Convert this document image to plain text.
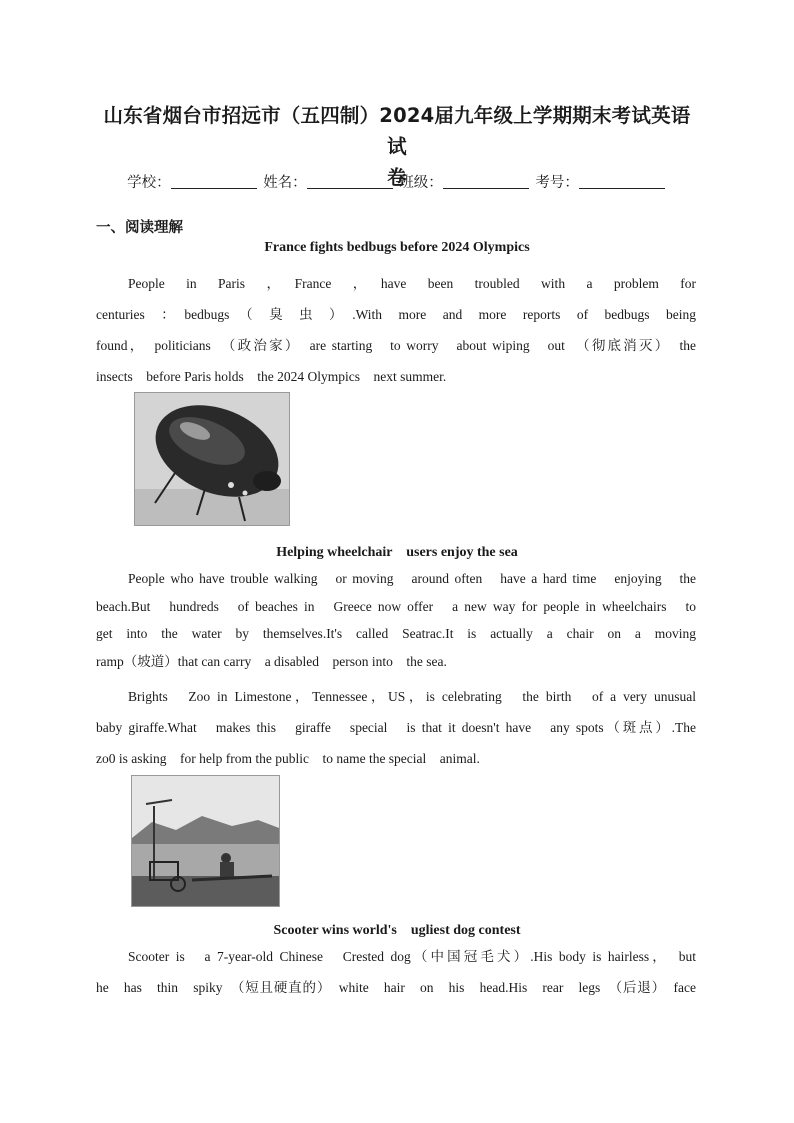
山东省烟台市招远市（五四制）2024届九年级上学期期末考试英语试
卷
学校：	姓名：	班级：	考号：
一、阅读理解
France fights bedbugs before 2024 Olympics
People　in　Paris　，　France　，　have　been　troubled　with　a　problem　for
centuries　：　bedbugs　（　臭　虫　）　.With　more　and　more　reports　of　bedbugs　being
found，　politicians　（政治家）　are starting　to worry　about wiping　out　（彻底消灭）　the
insects　before Paris holds　the 2024 Olympics　next summer.
Helping wheelchair　users enjoy the sea
People who have trouble walking　or moving　around often　have a hard time　enjoying　the
beach.But　hundreds　of beaches in　Greece now offer　a new way for people in wheelchairs　to
get　into　the　water　by　themselves.It's　called　Seatrac.It　is　actually　a　chair　on　a　moving
ramp（坡道）that can carry　a disabled　person into　the sea.
Brights　Zoo in Limestone，Tennessee，US，is celebrating　the birth　of a very unusual
baby giraffe.What　makes this　giraffe　special　is that it doesn't have　any spots（斑点）.The
zo0 is asking　for help from the public　to name the special　animal.
Scooter wins world's　ugliest dog contest
Scooter is　a 7-year-old Chinese　Crested dog（中国冠毛犬）.His body is hairless，　but
he　has　thin　spiky　（短且硬直的）　white　hair　on　his　head.His　rear　legs　（后退）　face
